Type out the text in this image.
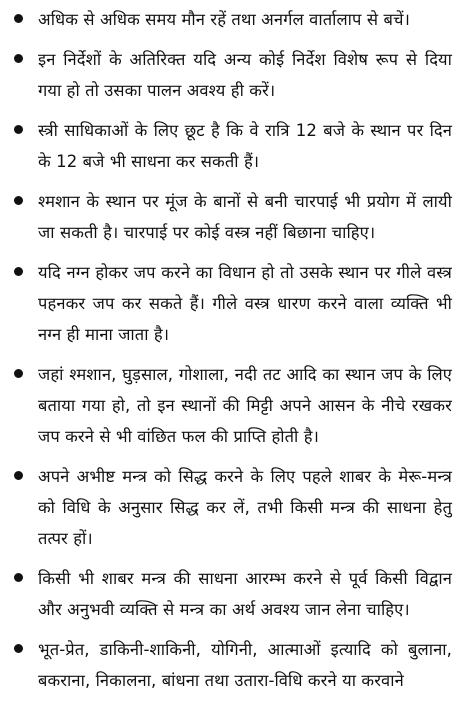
अधिक से अधिक समय मौन रहें तथा अनर्गल वार्तालाप से बचें।
इन निर्देशों के अतिरिक्त यदि अन्य कोई निर्देश विशेष रूप से दिया गया हो तो उसका पालन अवश्य ही करें।
स्त्री साधिकाओं के लिए छूट है कि वे रात्रि 12 बजे के स्थान पर दिन के 12 बजे भी साधना कर सकती हैं।
श्मशान के स्थान पर मूंज के बानों से बनी चारपाई भी प्रयोग में लायी जा सकती है। चारपाई पर कोई वस्त्र नहीं बिछाना चाहिए।
यदि नग्न होकर जप करने का विधान हो तो उसके स्थान पर गीले वस्त्र पहनकर जप कर सकते हैं। गीले वस्त्र धारण करने वाला व्यक्ति भी नग्न ही माना जाता है।
जहां श्मशान, घुड़साल, गोशाला, नदी तट आदि का स्थान जप के लिए बताया गया हो, तो इन स्थानों की मिट्टी अपने आसन के नीचे रखकर जप करने से भी वांछित फल की प्राप्ति होती है।
अपने अभीष्ट मन्त्र को सिद्ध करने के लिए पहले शाबर के मेरू-मन्त्र को विधि के अनुसार सिद्ध कर लें, तभी किसी मन्त्र की साधना हेतु तत्पर हों।
किसी भी शाबर मन्त्र की साधना आरम्भ करने से पूर्व किसी विद्वान और अनुभवी व्यक्ति से मन्त्र का अर्थ अवश्य जान लेना चाहिए।
भूत-प्रेत, डाकिनी-शाकिनी, योगिनी, आत्माओं इत्यादि को बुलाना, बकराना, निकालना, बांधना तथा उतारा-विधि करने या करवाने
